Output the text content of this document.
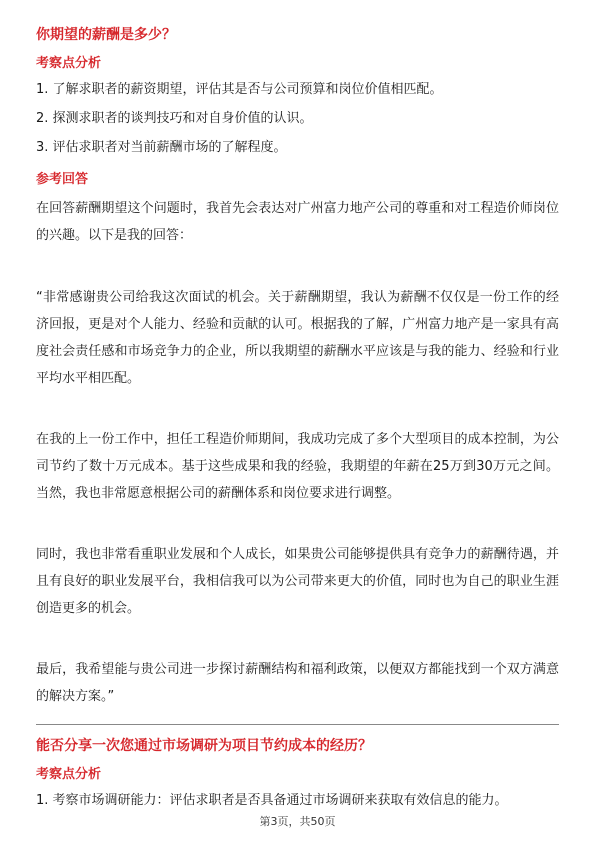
你期望的薪酬是多少？
考察点分析
1. 了解求职者的薪资期望，评估其是否与公司预算和岗位价值相匹配。
2. 探测求职者的谈判技巧和对自身价值的认识。
3. 评估求职者对当前薪酬市场的了解程度。
参考回答
在回答薪酬期望这个问题时，我首先会表达对广州富力地产公司的尊重和对工程造价师岗位的兴趣。以下是我的回答：
“非常感谢贵公司给我这次面试的机会。关于薪酬期望，我认为薪酬不仅仅是一份工作的经济回报，更是对个人能力、经验和贡献的认可。根据我的了解，广州富力地产是一家具有高度社会责任感和市场竞争力的企业，所以我期望的薪酬水平应该是与我的能力、经验和行业平均水平相匹配。
在我的上一份工作中，担任工程造价师期间，我成功完成了多个大型项目的成本控制，为公司节约了数十万元成本。基于这些成果和我的经验，我期望的年薪在25万到30万元之间。当然，我也非常愿意根据公司的薪酬体系和岗位要求进行调整。
同时，我也非常看重职业发展和个人成长，如果贵公司能够提供具有竞争力的薪酬待遇，并且有良好的职业发展平台，我相信我可以为公司带来更大的价值，同时也为自己的职业生涯创造更多的机会。
最后，我希望能与贵公司进一步探讨薪酬结构和福利政策，以便双方都能找到一个双方满意的解决方案。”
能否分享一次您通过市场调研为项目节约成本的经历？
考察点分析
1. 考察市场调研能力：评估求职者是否具备通过市场调研来获取有效信息的能力。
第3页，共50页
